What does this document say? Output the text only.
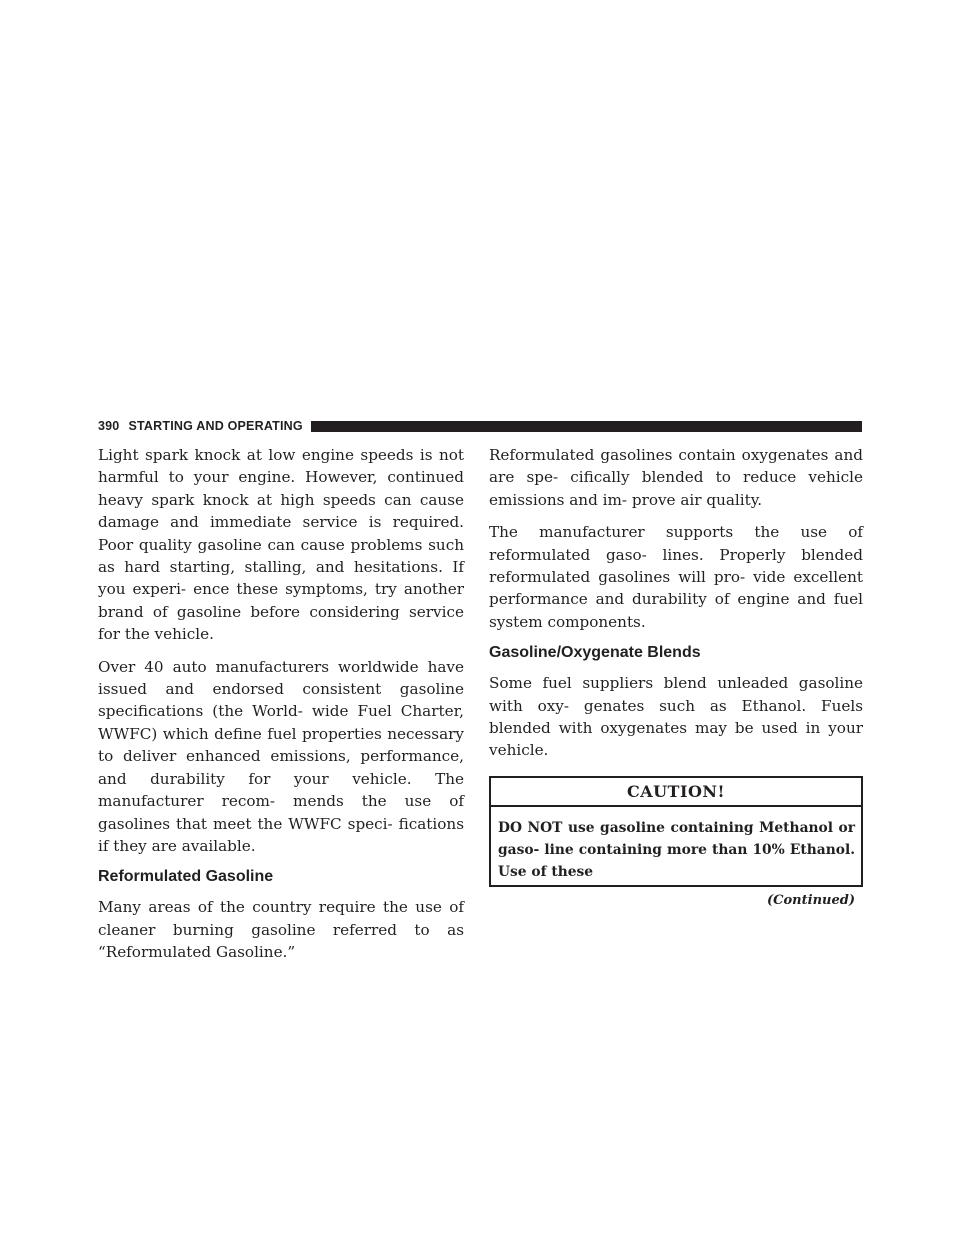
390 STARTING AND OPERATING

Light spark knock at low engine speeds is not harmful to your engine. However, continued heavy spark knock at high speeds can cause damage and immediate service is required. Poor quality gasoline can cause problems such as hard starting, stalling, and hesitations. If you experi- ence these symptoms, try another brand of gasoline before considering service for the vehicle.

Over 40 auto manufacturers worldwide have issued and endorsed consistent gasoline specifications (the World- wide Fuel Charter, WWFC) which define fuel properties necessary to deliver enhanced emissions, performance, and durability for your vehicle. The manufacturer recom- mends the use of gasolines that meet the WWFC speci- fications if they are available.

Reformulated Gasoline

Many areas of the country require the use of cleaner burning gasoline referred to as “Reformulated Gasoline.”

Reformulated gasolines contain oxygenates and are spe- cifically blended to reduce vehicle emissions and im- prove air quality.

The manufacturer supports the use of reformulated gaso- lines. Properly blended reformulated gasolines will pro- vide excellent performance and durability of engine and fuel system components.

Gasoline/Oxygenate Blends

Some fuel suppliers blend unleaded gasoline with oxy- genates such as Ethanol. Fuels blended with oxygenates may be used in your vehicle.

CAUTION!
DO NOT use gasoline containing Methanol or gaso- line containing more than 10% Ethanol. Use of these
(Continued)
